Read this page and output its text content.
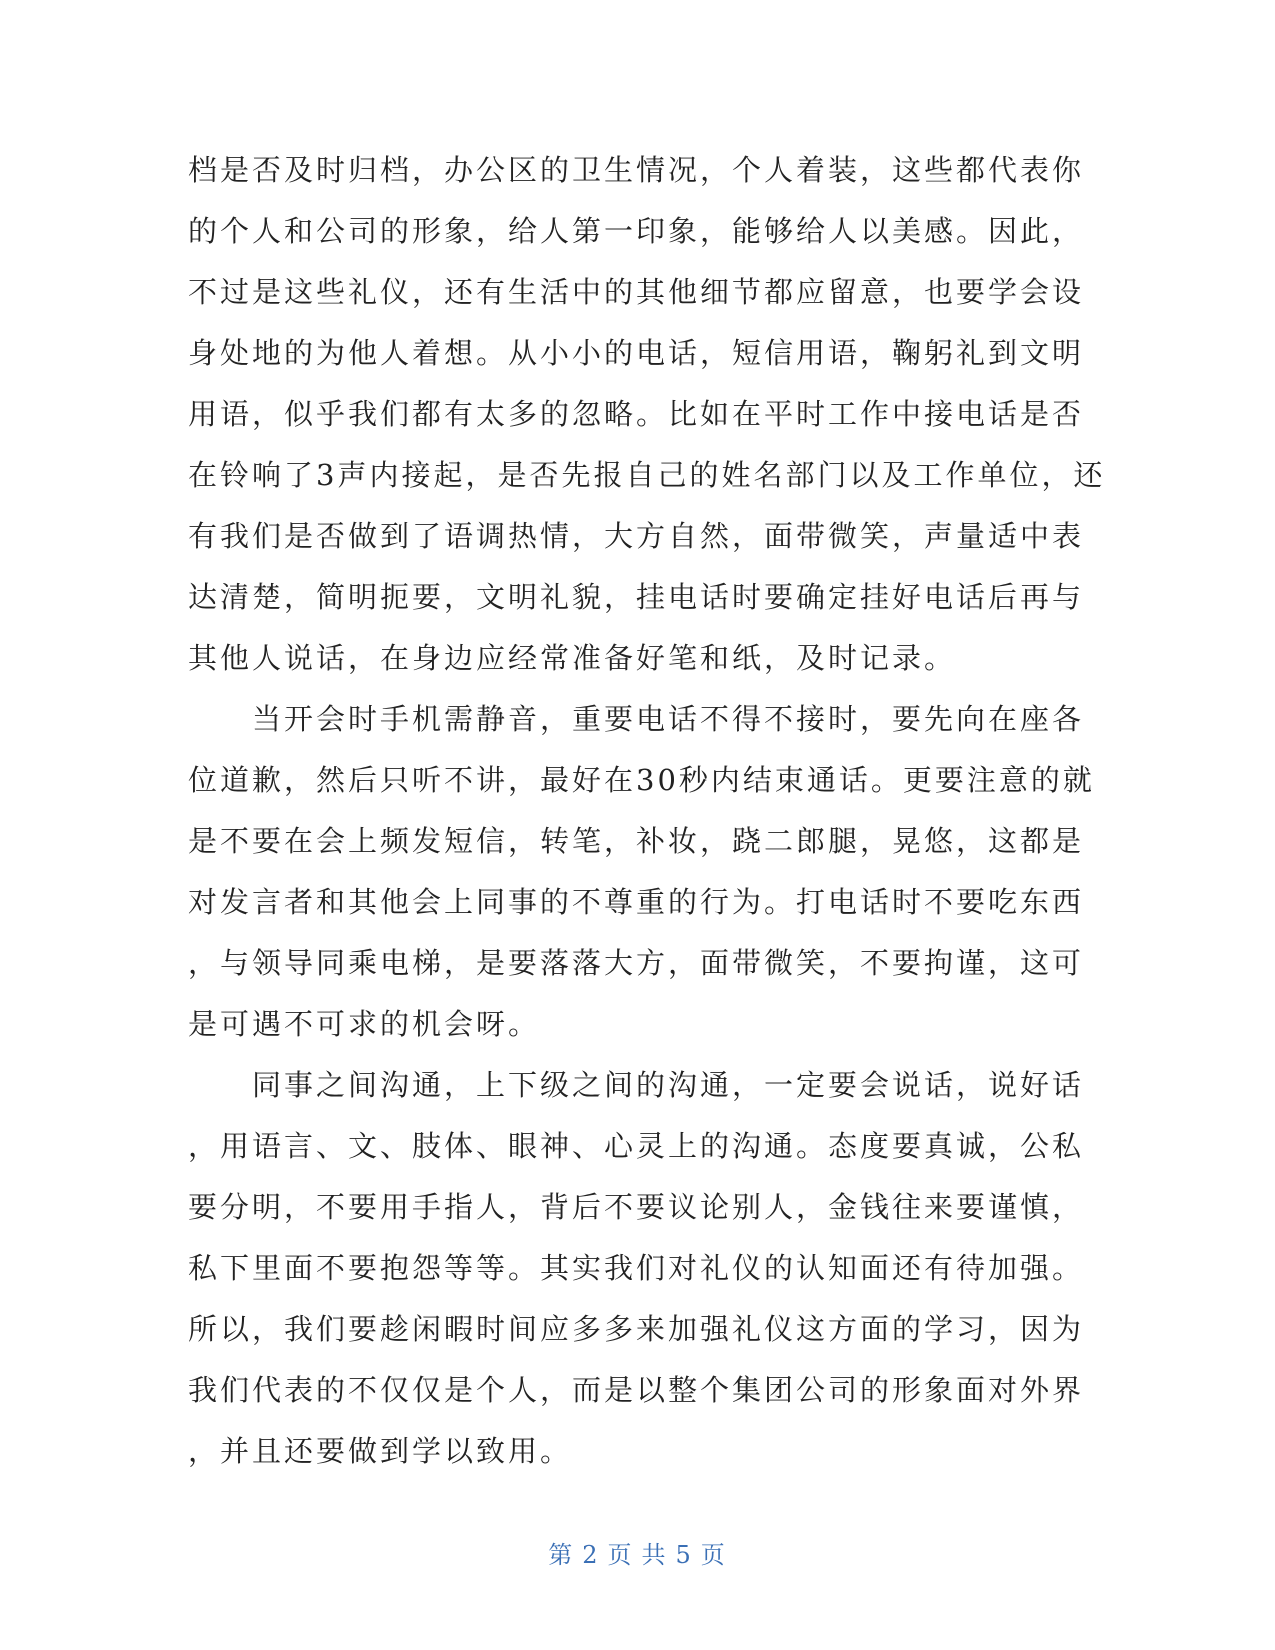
档是否及时归档，办公区的卫生情况，个人着装，这些都代表你
的个人和公司的形象，给人第一印象，能够给人以美感。因此，
不过是这些礼仪，还有生活中的其他细节都应留意，也要学会设
身处地的为他人着想。从小小的电话，短信用语，鞠躬礼到文明
用语，似乎我们都有太多的忽略。比如在平时工作中接电话是否
在铃响了3声内接起，是否先报自己的姓名部门以及工作单位，还
有我们是否做到了语调热情，大方自然，面带微笑，声量适中表
达清楚，简明扼要，文明礼貌，挂电话时要确定挂好电话后再与
其他人说话，在身边应经常准备好笔和纸，及时记录。

当开会时手机需静音，重要电话不得不接时，要先向在座各
位道歉，然后只听不讲，最好在30秒内结束通话。更要注意的就
是不要在会上频发短信，转笔，补妆，跷二郎腿，晃悠，这都是
对发言者和其他会上同事的不尊重的行为。打电话时不要吃东西
，与领导同乘电梯，是要落落大方，面带微笑，不要拘谨，这可
是可遇不可求的机会呀。

同事之间沟通，上下级之间的沟通，一定要会说话，说好话
，用语言、文、肢体、眼神、心灵上的沟通。态度要真诚，公私
要分明，不要用手指人，背后不要议论别人，金钱往来要谨慎，
私下里面不要抱怨等等。其实我们对礼仪的认知面还有待加强。
所以，我们要趁闲暇时间应多多来加强礼仪这方面的学习，因为
我们代表的不仅仅是个人，而是以整个集团公司的形象面对外界
，并且还要做到学以致用。

第 2 页 共 5 页
